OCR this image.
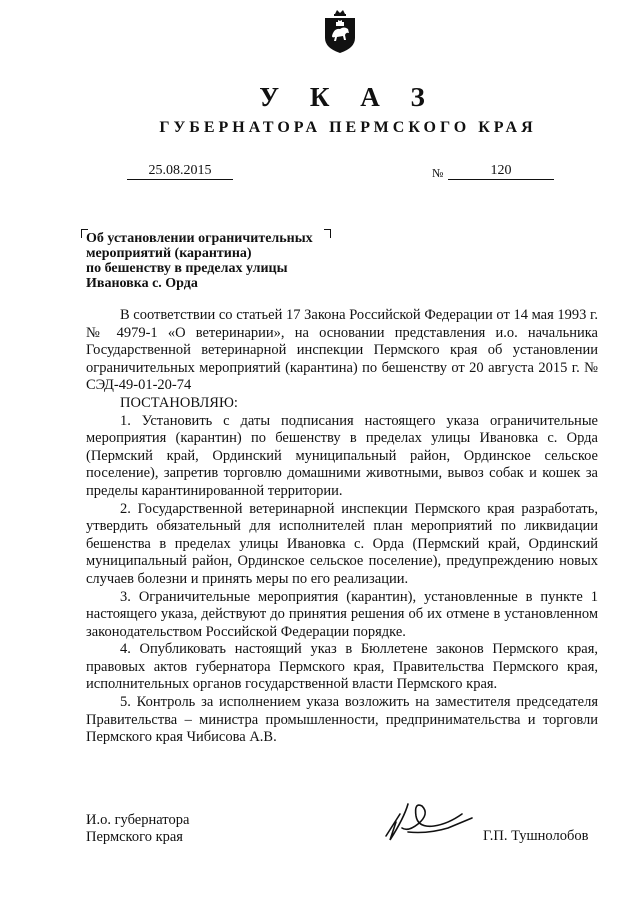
У К А З
ГУБЕРНАТОРА ПЕРМСКОГО КРАЯ
25.08.2015	№	120
Об установлении ограничительных
мероприятий (карантина)
по бешенству в пределах улицы
Ивановка с. Орда

В соответствии со статьей 17 Закона Российской Федерации от 14 мая 1993 г. № 4979-1 «О ветеринарии», на основании представления и.о. начальника Государственной ветеринарной инспекции Пермского края об установлении ограничительных мероприятий (карантина) по бешенству от 20 августа 2015 г. № СЭД-49-01-20-74

ПОСТАНОВЛЯЮ:

1. Установить с даты подписания настоящего указа ограничительные мероприятия (карантин) по бешенству в пределах улицы Ивановка с. Орда (Пермский край, Ординский муниципальный район, Ординское сельское поселение), запретив торговлю домашними животными, вывоз собак и кошек за пределы карантинированной территории.

2. Государственной ветеринарной инспекции Пермского края разработать, утвердить обязательный для исполнителей план мероприятий по ликвидации бешенства в пределах улицы Ивановка с. Орда (Пермский край, Ординский муниципальный район, Ординское сельское поселение), предупреждению новых случаев болезни и принять меры по его реализации.

3. Ограничительные мероприятия (карантин), установленные в пункте 1 настоящего указа, действуют до принятия решения об их отмене в установленном законодательством Российской Федерации порядке.

4. Опубликовать настоящий указ в Бюллетене законов Пермского края, правовых актов губернатора Пермского края, Правительства Пермского края, исполнительных органов государственной власти Пермского края.

5. Контроль за исполнением указа возложить на заместителя председателя Правительства – министра промышленности, предпринимательства и торговли Пермского края Чибисова А.В.

И.о. губернатора
Пермского края	Г.П. Тушнолобов
